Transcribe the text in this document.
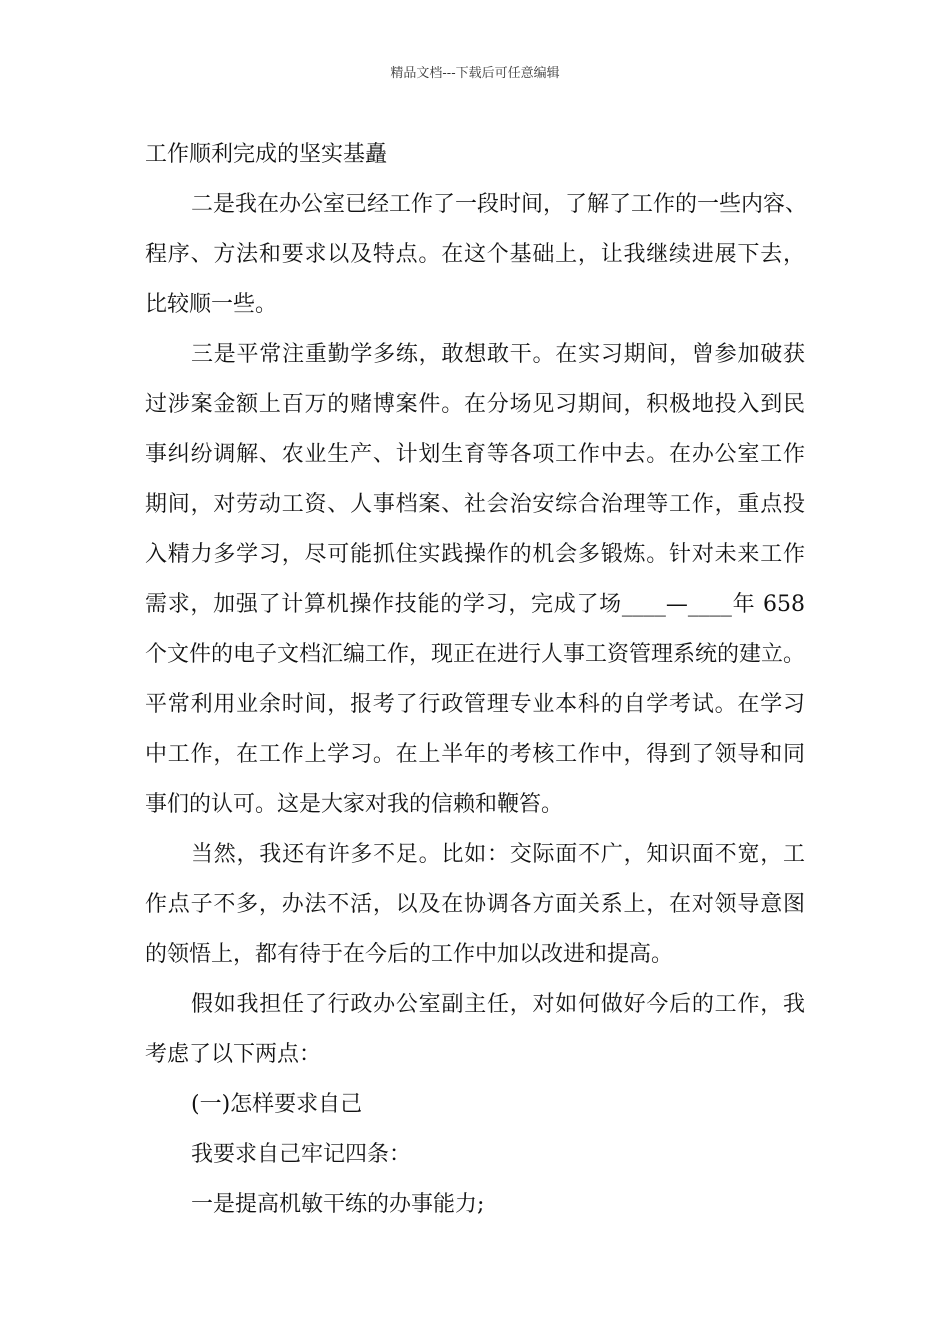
精品文档---下载后可任意编辑
工作顺利完成的坚实基矗
二是我在办公室已经工作了一段时间，了解了工作的一些内容、
程序、方法和要求以及特点。在这个基础上，让我继续进展下去，
比较顺一些。
三是平常注重勤学多练，敢想敢干。在实习期间，曾参加破获
过涉案金额上百万的赌博案件。在分场见习期间，积极地投入到民
事纠纷调解、农业生产、计划生育等各项工作中去。在办公室工作
期间，对劳动工资、人事档案、社会治安综合治理等工作，重点投
入精力多学习，尽可能抓住实践操作的机会多锻炼。针对未来工作
需求，加强了计算机操作技能的学习，完成了场____—____年 658
个文件的电子文档汇编工作，现正在进行人事工资管理系统的建立。
平常利用业余时间，报考了行政管理专业本科的自学考试。在学习
中工作，在工作上学习。在上半年的考核工作中，得到了领导和同
事们的认可。这是大家对我的信赖和鞭笞。
当然，我还有许多不足。比如：交际面不广，知识面不宽，工
作点子不多，办法不活，以及在协调各方面关系上，在对领导意图
的领悟上，都有待于在今后的工作中加以改进和提高。
假如我担任了行政办公室副主任，对如何做好今后的工作，我
考虑了以下两点：
(一)怎样要求自己
我要求自己牢记四条：
一是提高机敏干练的办事能力;
